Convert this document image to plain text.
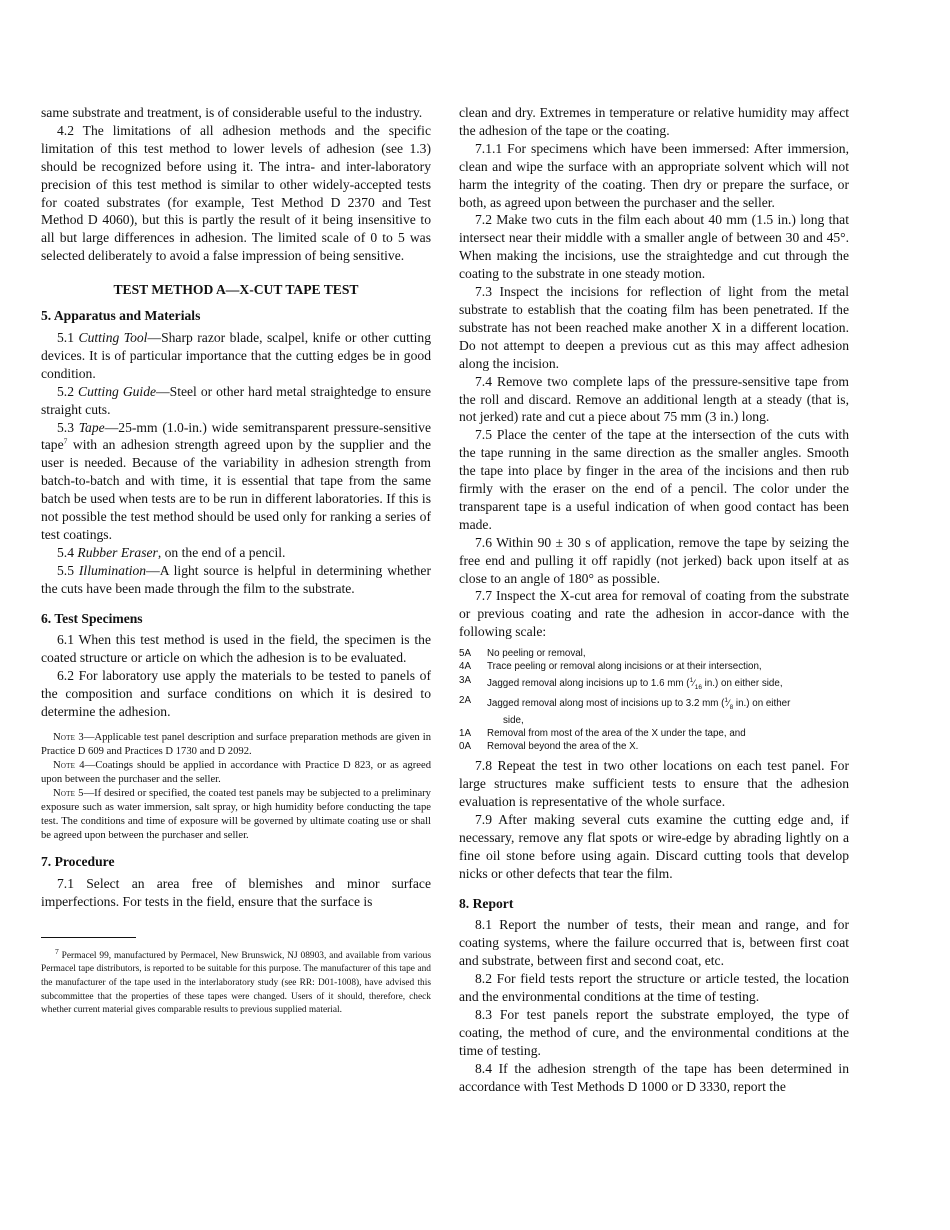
same substrate and treatment, is of considerable useful to the industry.

4.2 The limitations of all adhesion methods and the specific limitation of this test method to lower levels of adhesion (see 1.3) should be recognized before using it. The intra- and inter-laboratory precision of this test method is similar to other widely-accepted tests for coated substrates (for example, Test Method D 2370 and Test Method D 4060), but this is partly the result of it being insensitive to all but large differences in adhesion. The limited scale of 0 to 5 was selected deliberately to avoid a false impression of being sensitive.

TEST METHOD A—X-CUT TAPE TEST

5. Apparatus and Materials

5.1 Cutting Tool—Sharp razor blade, scalpel, knife or other cutting devices. It is of particular importance that the cutting edges be in good condition.

5.2 Cutting Guide—Steel or other hard metal straightedge to ensure straight cuts.

5.3 Tape—25-mm (1.0-in.) wide semitransparent pressure-sensitive tape$^7$ with an adhesion strength agreed upon by the supplier and the user is needed. Because of the variability in adhesion strength from batch-to-batch and with time, it is essential that tape from the same batch be used when tests are to be run in different laboratories. If this is not possible the test method should be used only for ranking a series of test coatings.

5.4 Rubber Eraser, on the end of a pencil.

5.5 Illumination—A light source is helpful in determining whether the cuts have been made through the film to the substrate.

6. Test Specimens

6.1 When this test method is used in the field, the specimen is the coated structure or article on which the adhesion is to be evaluated.

6.2 For laboratory use apply the materials to be tested to panels of the composition and surface conditions on which it is desired to determine the adhesion.

Note 3—Applicable test panel description and surface preparation methods are given in Practice D 609 and Practices D 1730 and D 2092.

Note 4—Coatings should be applied in accordance with Practice D 823, or as agreed upon between the purchaser and the seller.

Note 5—If desired or specified, the coated test panels may be subjected to a preliminary exposure such as water immersion, salt spray, or high humidity before conducting the tape test. The conditions and time of exposure will be governed by ultimate coating use or shall be agreed upon between the purchaser and seller.

7. Procedure

7.1 Select an area free of blemishes and minor surface imperfections. For tests in the field, ensure that the surface is

$^7$ Permacel 99, manufactured by Permacel, New Brunswick, NJ 08903, and available from various Permacel tape distributors, is reported to be suitable for this purpose. The manufacturer of this tape and the manufacturer of the tape used in the interlaboratory study (see RR: D01-1008), have advised this subcommittee that the properties of these tapes were changed. Users of it should, therefore, check whether current material gives comparable results to previous supplied material.

clean and dry. Extremes in temperature or relative humidity may affect the adhesion of the tape or the coating.

7.1.1 For specimens which have been immersed: After immersion, clean and wipe the surface with an appropriate solvent which will not harm the integrity of the coating. Then dry or prepare the surface, or both, as agreed upon between the purchaser and the seller.

7.2 Make two cuts in the film each about 40 mm (1.5 in.) long that intersect near their middle with a smaller angle of between 30 and 45°. When making the incisions, use the straightedge and cut through the coating to the substrate in one steady motion.

7.3 Inspect the incisions for reflection of light from the metal substrate to establish that the coating film has been penetrated. If the substrate has not been reached make another X in a different location. Do not attempt to deepen a previous cut as this may affect adhesion along the incision.

7.4 Remove two complete laps of the pressure-sensitive tape from the roll and discard. Remove an additional length at a steady (that is, not jerked) rate and cut a piece about 75 mm (3 in.) long.

7.5 Place the center of the tape at the intersection of the cuts with the tape running in the same direction as the smaller angles. Smooth the tape into place by finger in the area of the incisions and then rub firmly with the eraser on the end of a pencil. The color under the transparent tape is a useful indication of when good contact has been made.

7.6 Within 90 ± 30 s of application, remove the tape by seizing the free end and pulling it off rapidly (not jerked) back upon itself at as close to an angle of 180° as possible.

7.7 Inspect the X-cut area for removal of coating from the substrate or previous coating and rate the adhesion in accor-dance with the following scale:

5A	No peeling or removal,
4A	Trace peeling or removal along incisions or at their intersection,
3A	Jagged removal along incisions up to 1.6 mm ($^1⁄_{16}$ in.) on either side,
2A	Jagged removal along most of incisions up to 3.2 mm ($^1⁄_8$ in.) on either
side,
1A	Removal from most of the area of the X under the tape, and
0A	Removal beyond the area of the X.

7.8 Repeat the test in two other locations on each test panel. For large structures make sufficient tests to ensure that the adhesion evaluation is representative of the whole surface.

7.9 After making several cuts examine the cutting edge and, if necessary, remove any flat spots or wire-edge by abrading lightly on a fine oil stone before using again. Discard cutting tools that develop nicks or other defects that tear the film.

8. Report

8.1 Report the number of tests, their mean and range, and for coating systems, where the failure occurred that is, between first coat and substrate, between first and second coat, etc.

8.2 For field tests report the structure or article tested, the location and the environmental conditions at the time of testing.

8.3 For test panels report the substrate employed, the type of coating, the method of cure, and the environmental conditions at the time of testing.

8.4 If the adhesion strength of the tape has been determined in accordance with Test Methods D 1000 or D 3330, report the
